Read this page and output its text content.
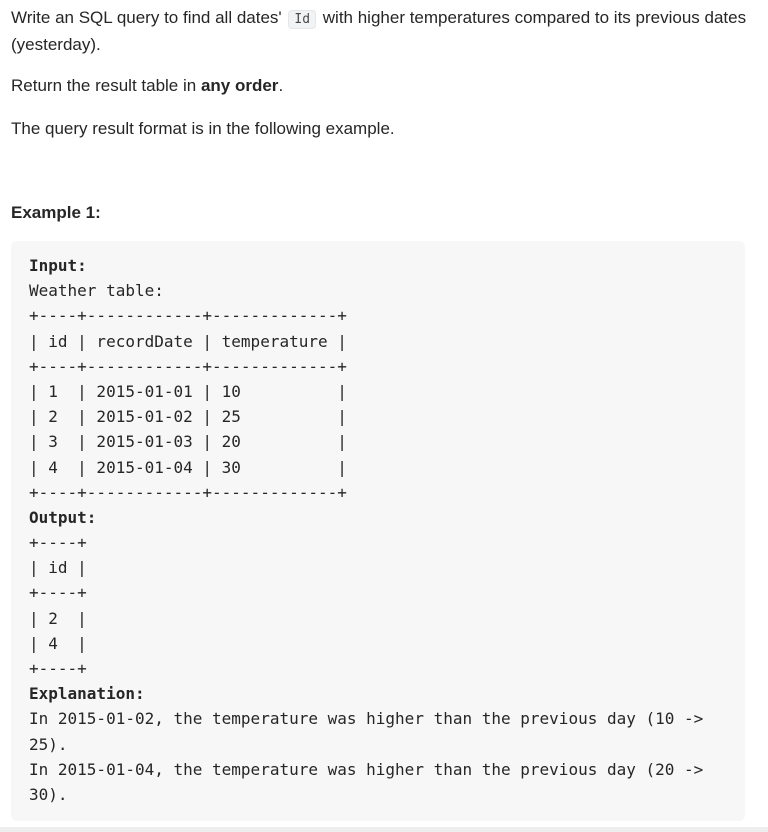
Write an SQL query to find all dates' Id with higher temperatures compared to its previous dates (yesterday).

Return the result table in any order.

The query result format is in the following example.

Example 1:

Input:
Weather table:
+----+------------+-------------+
| id | recordDate | temperature |
+----+------------+-------------+
| 1  | 2015-01-01 | 10          |
| 2  | 2015-01-02 | 25          |
| 3  | 2015-01-03 | 20          |
| 4  | 2015-01-04 | 30          |
+----+------------+-------------+
Output:
+----+
| id |
+----+
| 2  |
| 4  |
+----+
Explanation:
In 2015-01-02, the temperature was higher than the previous day (10 ->
25).
In 2015-01-04, the temperature was higher than the previous day (20 ->
30).
